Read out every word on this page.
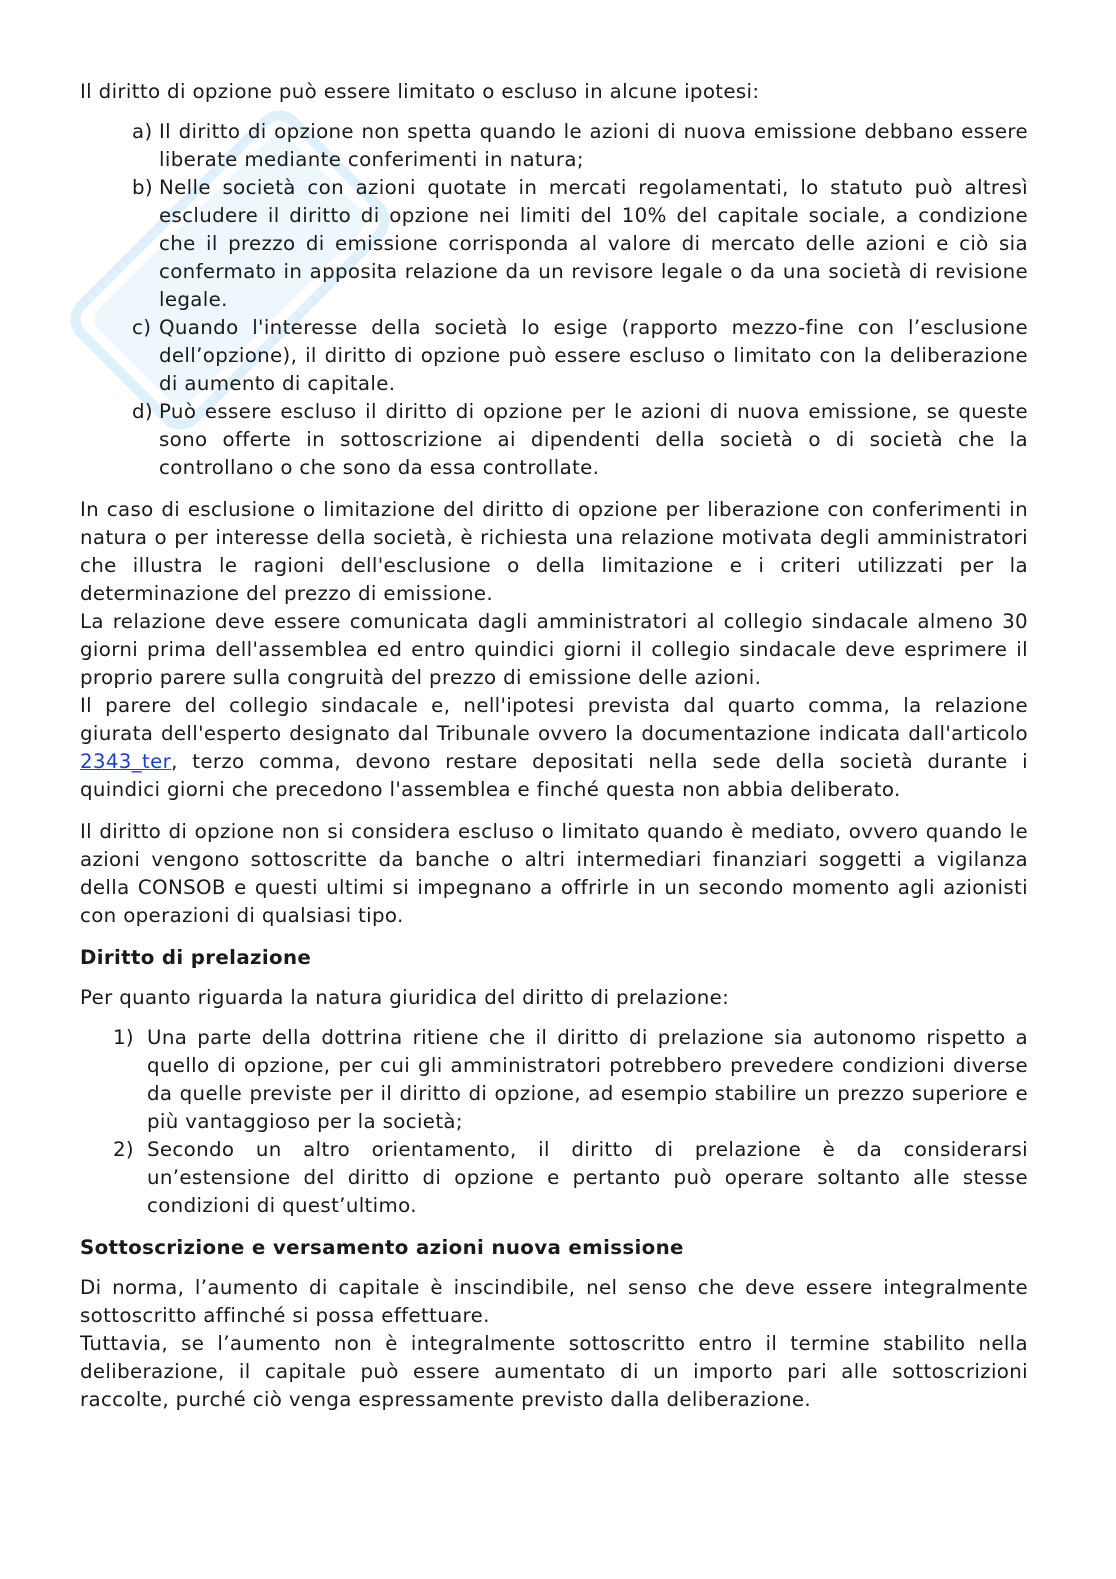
Il diritto di opzione può essere limitato o escluso in alcune ipotesi:

a) Il diritto di opzione non spetta quando le azioni di nuova emissione debbano essere liberate mediante conferimenti in natura;
b) Nelle società con azioni quotate in mercati regolamentati, lo statuto può altresì escludere il diritto di opzione nei limiti del 10% del capitale sociale, a condizione che il prezzo di emissione corrisponda al valore di mercato delle azioni e ciò sia confermato in apposita relazione da un revisore legale o da una società di revisione legale.
c) Quando l'interesse della società lo esige (rapporto mezzo-fine con l’esclusione dell’opzione), il diritto di opzione può essere escluso o limitato con la deliberazione di aumento di capitale.
d) Può essere escluso il diritto di opzione per le azioni di nuova emissione, se queste sono offerte in sottoscrizione ai dipendenti della società o di società che la controllano o che sono da essa controllate.

In caso di esclusione o limitazione del diritto di opzione per liberazione con conferimenti in natura o per interesse della società, è richiesta una relazione motivata degli amministratori che illustra le ragioni dell'esclusione o della limitazione e i criteri utilizzati per la determinazione del prezzo di emissione.

La relazione deve essere comunicata dagli amministratori al collegio sindacale almeno 30 giorni prima dell'assemblea ed entro quindici giorni il collegio sindacale deve esprimere il proprio parere sulla congruità del prezzo di emissione delle azioni.

Il parere del collegio sindacale e, nell'ipotesi prevista dal quarto comma, la relazione giurata dell'esperto designato dal Tribunale ovvero la documentazione indicata dall'articolo 2343_ter, terzo comma, devono restare depositati nella sede della società durante i quindici giorni che precedono l'assemblea e finché questa non abbia deliberato.

Il diritto di opzione non si considera escluso o limitato quando è mediato, ovvero quando le azioni vengono sottoscritte da banche o altri intermediari finanziari soggetti a vigilanza della CONSOB e questi ultimi si impegnano a offrirle in un secondo momento agli azionisti con operazioni di qualsiasi tipo.

Diritto di prelazione

Per quanto riguarda la natura giuridica del diritto di prelazione:

1) Una parte della dottrina ritiene che il diritto di prelazione sia autonomo rispetto a quello di opzione, per cui gli amministratori potrebbero prevedere condizioni diverse da quelle previste per il diritto di opzione, ad esempio stabilire un prezzo superiore e più vantaggioso per la società;
2) Secondo un altro orientamento, il diritto di prelazione è da considerarsi un’estensione del diritto di opzione e pertanto può operare soltanto alle stesse condizioni di quest’ultimo.
Sottoscrizione e versamento azioni nuova emissione

Di norma, l’aumento di capitale è inscindibile, nel senso che deve essere integralmente sottoscritto affinché si possa effettuare.

Tuttavia, se l’aumento non è integralmente sottoscritto entro il termine stabilito nella deliberazione, il capitale può essere aumentato di un importo pari alle sottoscrizioni raccolte, purché ciò venga espressamente previsto dalla deliberazione.
